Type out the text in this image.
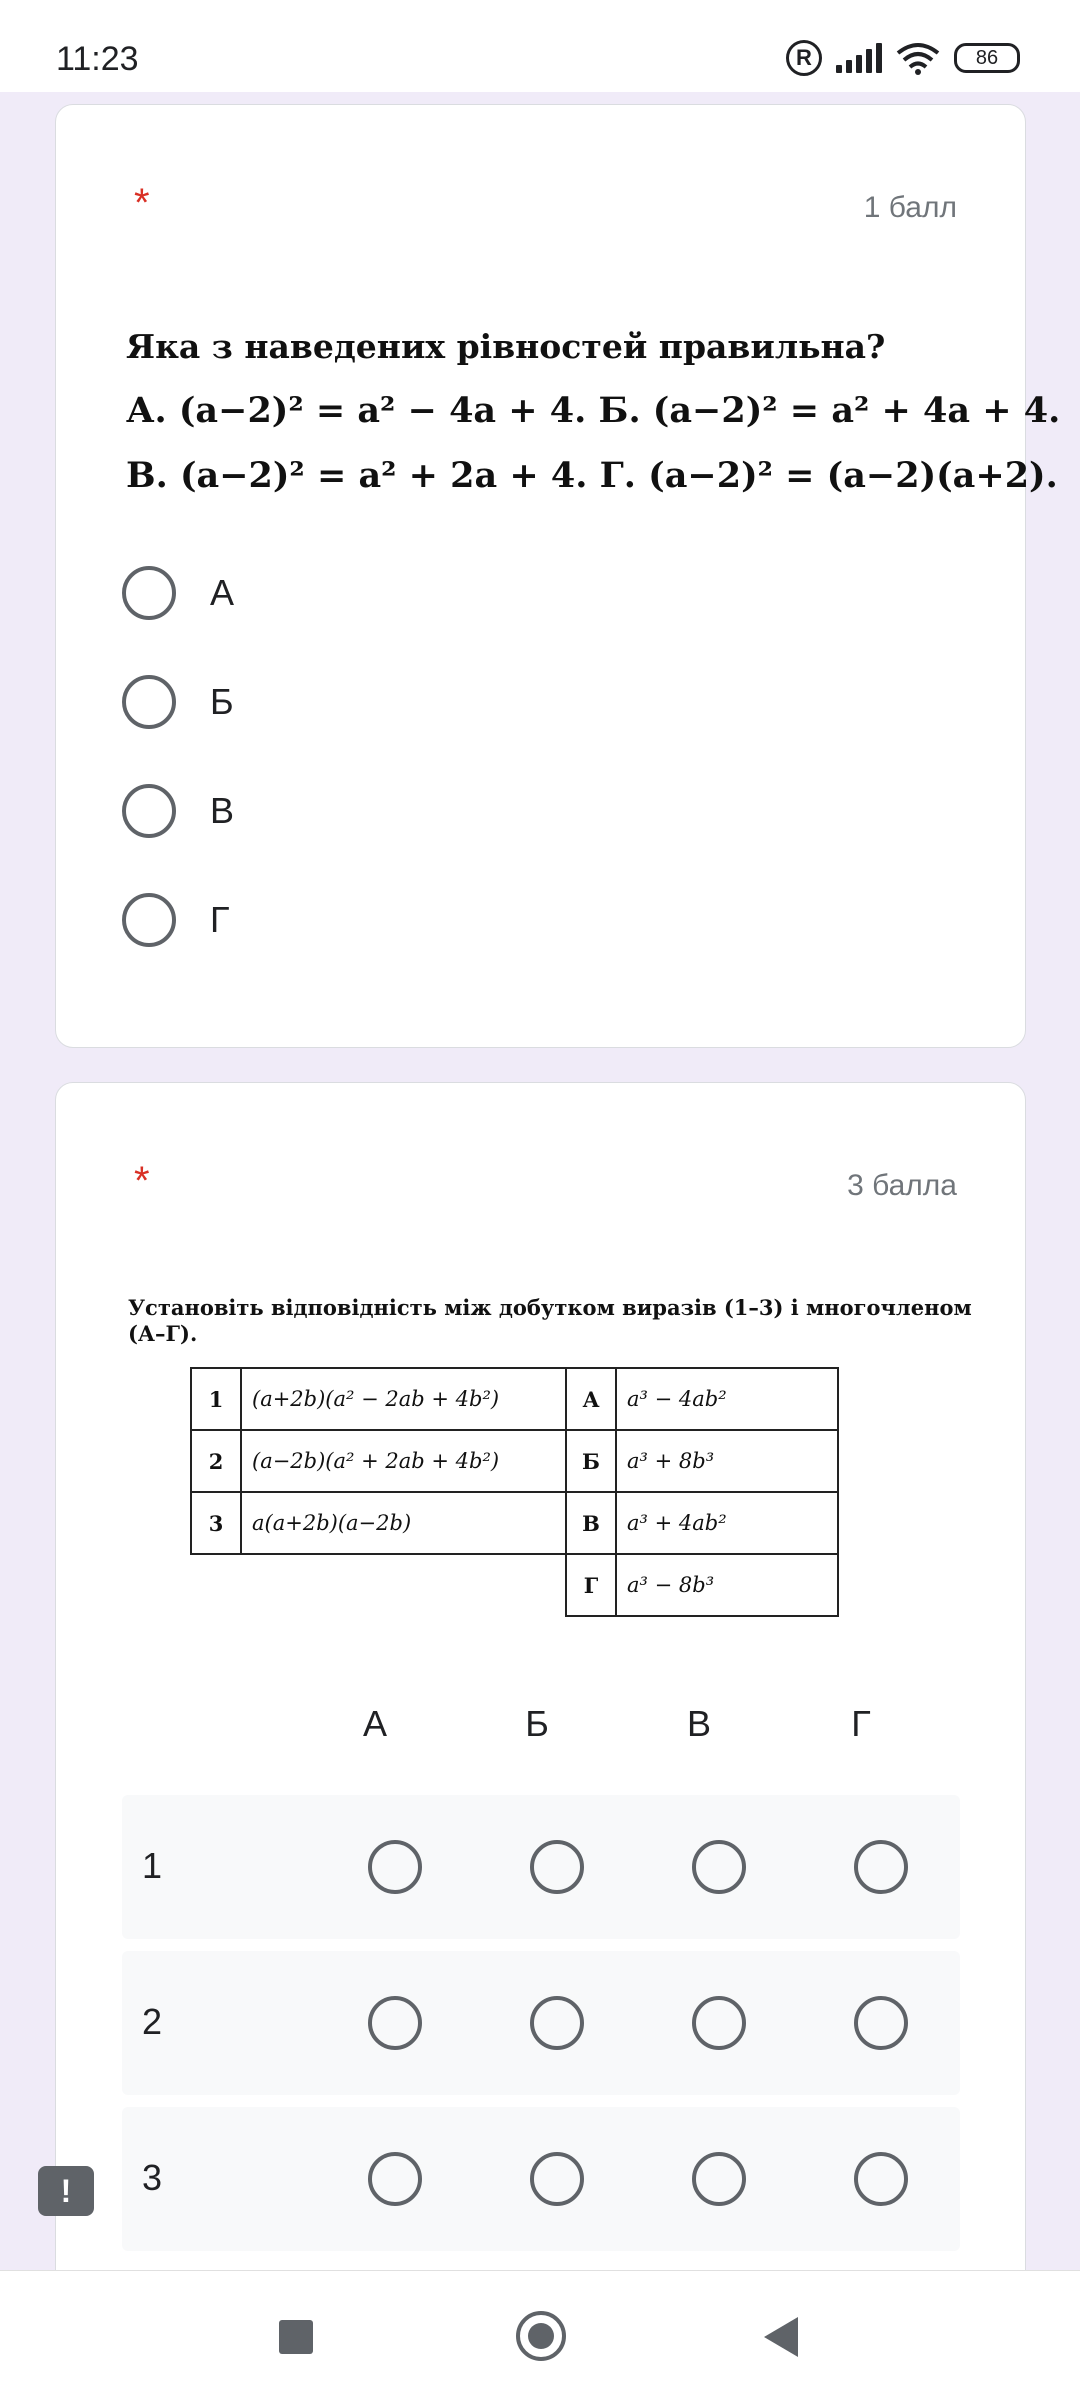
11:23	R	86
*	1 балл
Яка з наведених рівностей правильна?
А. (a−2)² = a² − 4a + 4. Б. (a−2)² = a² + 4a + 4.
В. (a−2)² = a² + 2a + 4. Г. (a−2)² = (a−2)(a+2).
А
Б
В
Г
*	3 балла
Установіть відповідність між добутком виразів (1–3) і многочленом (А–Г).
1	(a+2b)(a² − 2ab + 4b²)	А	a³ − 4ab²
2	(a−2b)(a² + 2ab + 4b²)	Б	a³ + 8b³
3	a(a+2b)(a−2b)	В	a³ + 4ab²
		Г	a³ − 8b³
А	Б	В	Г
1
2
3
!
